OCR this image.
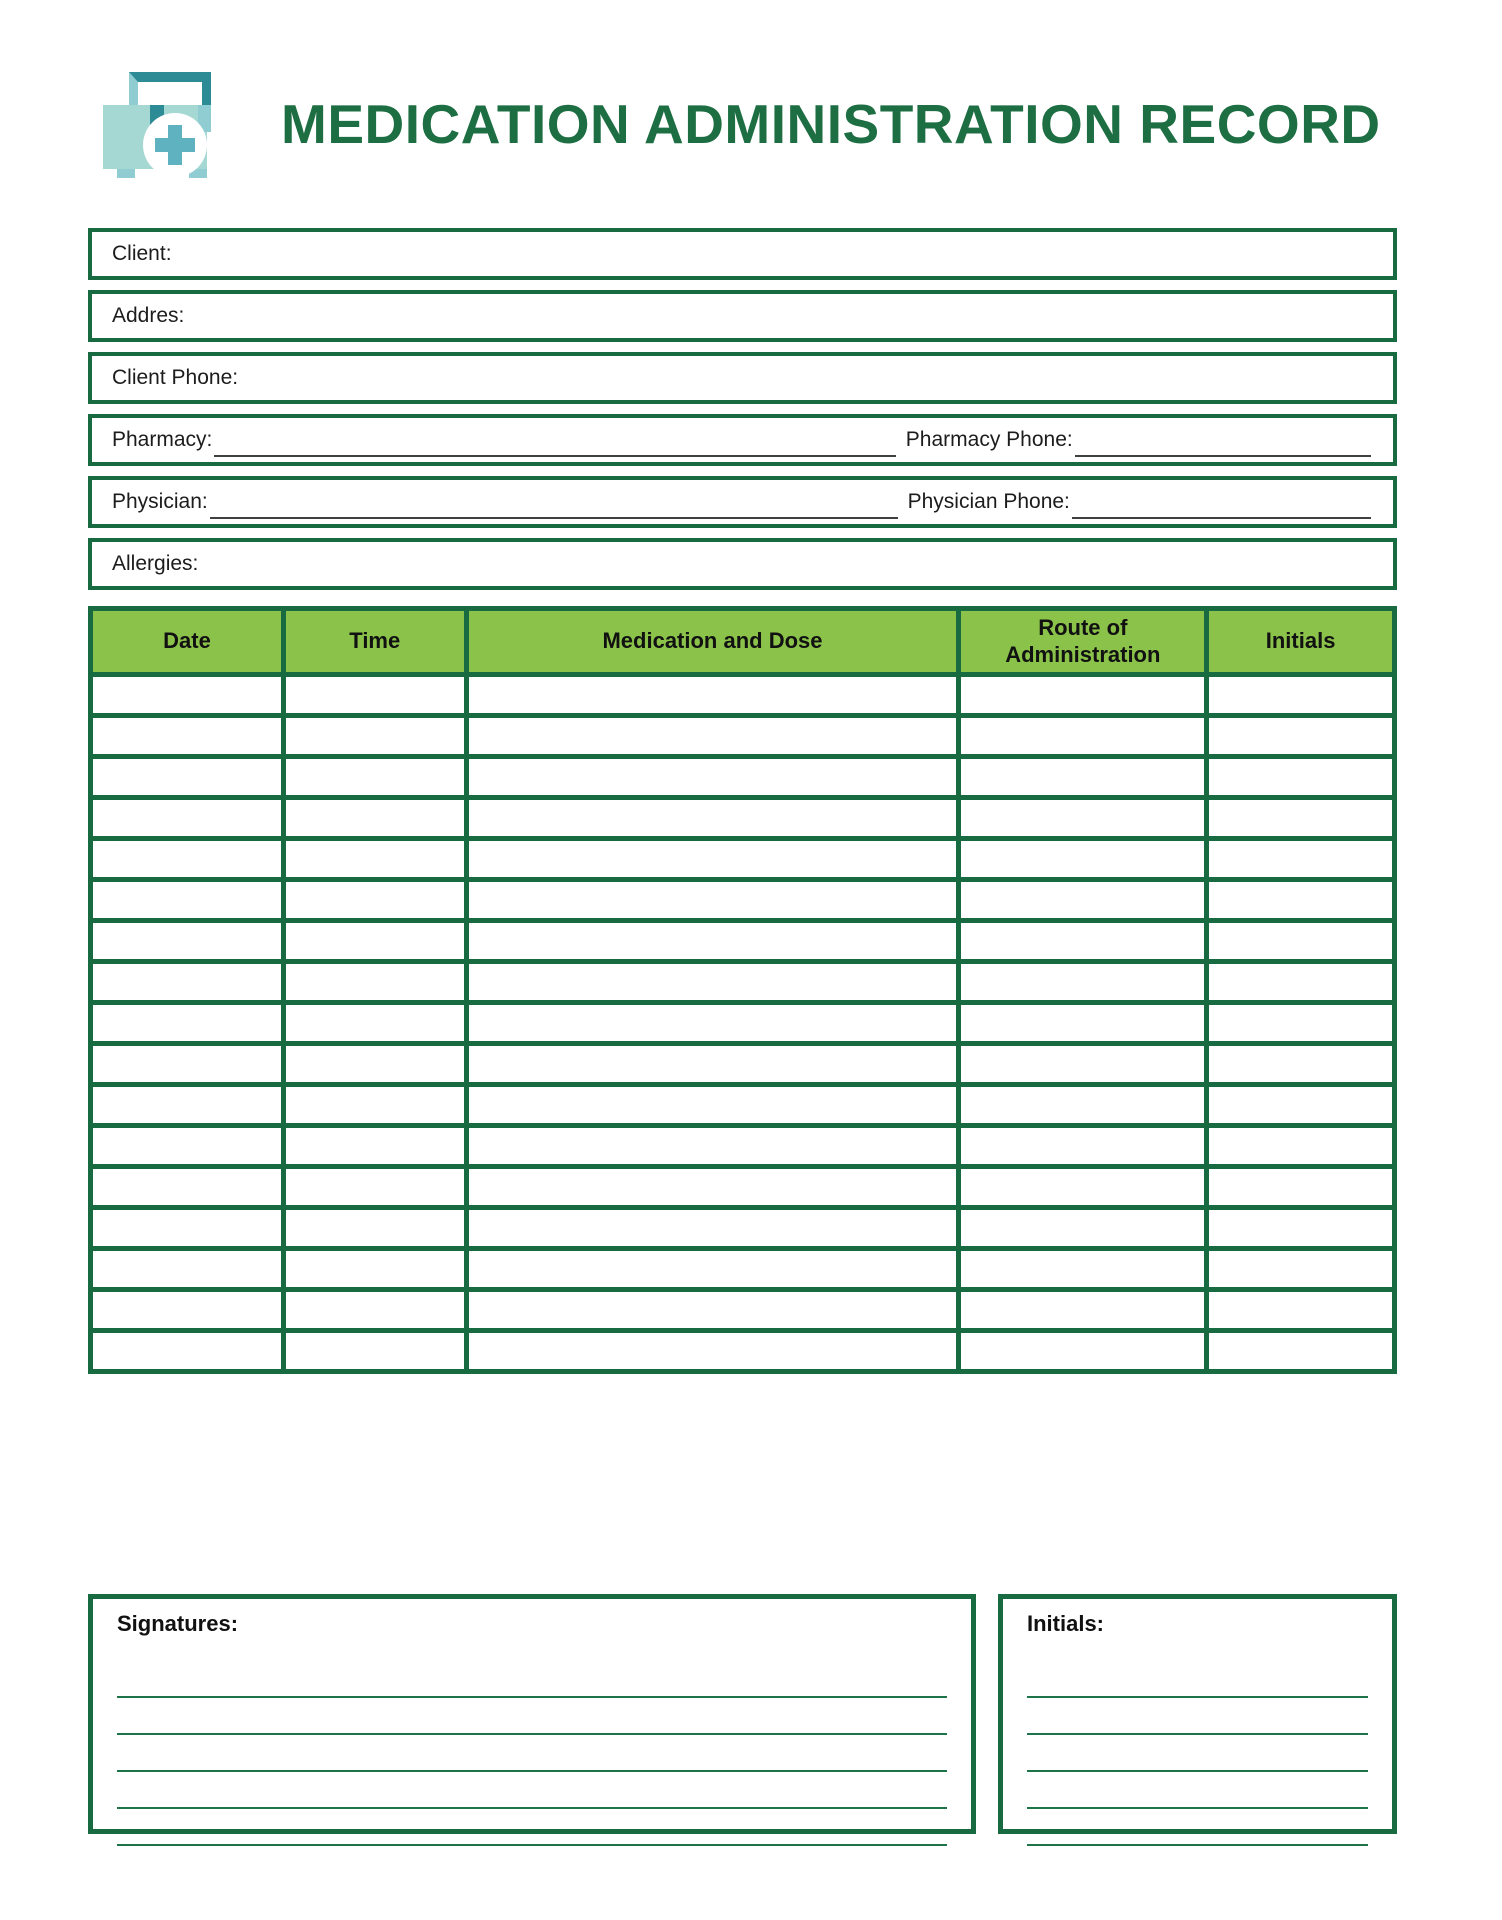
MEDICATION ADMINISTRATION RECORD
Client:
Addres:
Client Phone:
Pharmacy:	Pharmacy Phone:
Physician:	Physician Phone:
Allergies:
Date	Time	Medication and Dose	Route of Administration	Initials

Signatures:	Initials:
